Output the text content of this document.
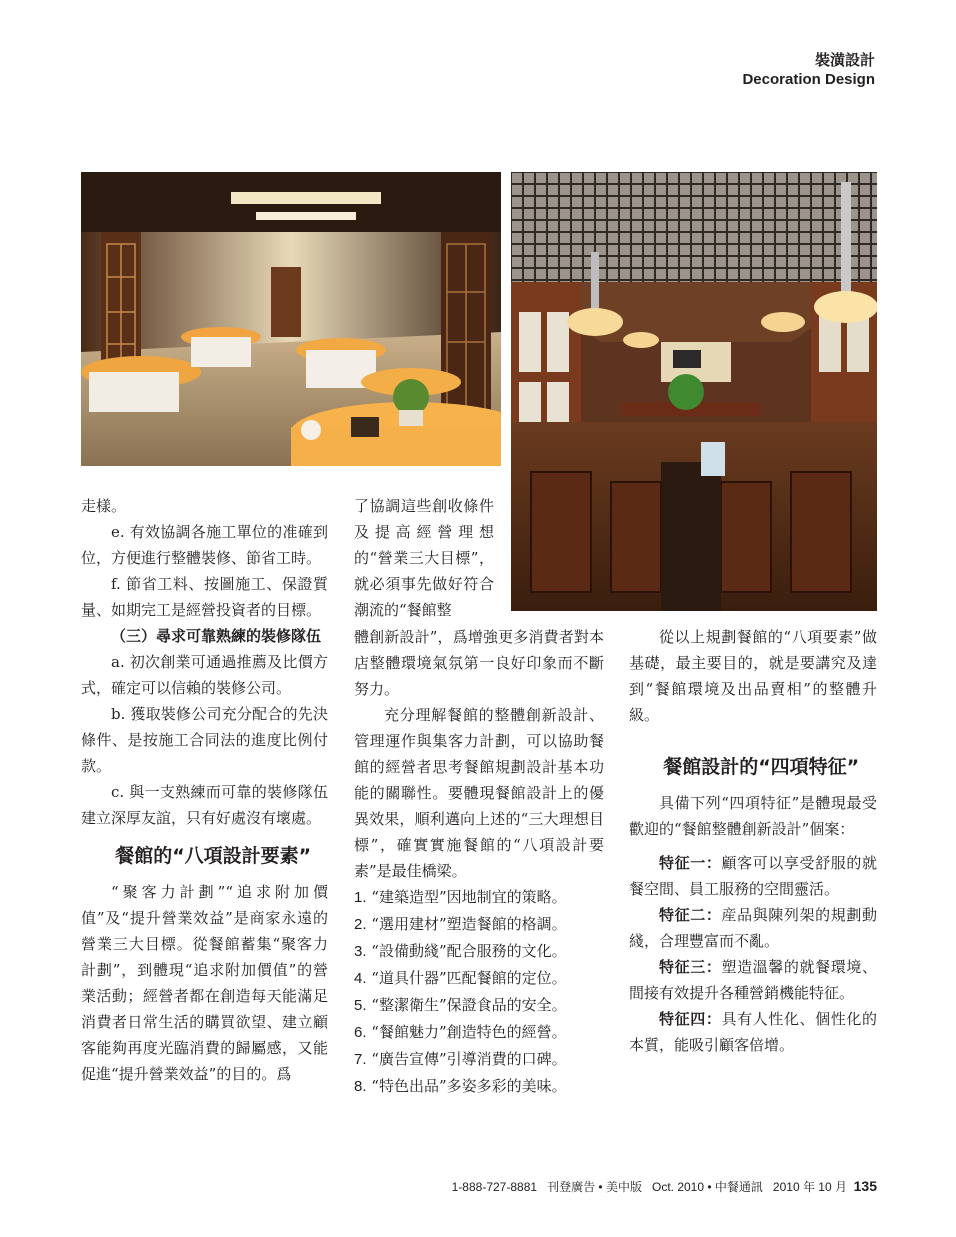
裝潢設計
Decoration Design

走樣。

e. 有效協調各施工單位的准確到位，方便進行整體裝修、節省工時。

f. 節省工料、按圖施工、保證質量、如期完工是經營投資者的目標。

（三）尋求可靠熟練的裝修隊伍

a. 初次創業可通過推薦及比價方式，確定可以信賴的裝修公司。

b. 獲取裝修公司充分配合的先決條件、是按施工合同法的進度比例付款。

c. 與一支熟練而可靠的裝修隊伍建立深厚友誼，只有好處沒有壞處。

餐館的“八項設計要素”

“聚客力計劃”“追求附加價值”及“提升營業效益”是商家永遠的營業三大目標。從餐館蓄集“聚客力計劃”，到體現“追求附加價值”的營業活動；經營者都在創造每天能滿足消費者日常生活的購買欲望、建立顧客能夠再度光臨消費的歸屬感，又能促進“提升營業效益”的目的。爲

了協調這些創收條件及提高經營理想的“營業三大目標”，就必須事先做好符合潮流的“餐館整

體創新設計”，爲增強更多消費者對本店整體環境氣氛第一良好印象而不斷努力。

充分理解餐館的整體創新設計、管理運作與集客力計劃，可以協助餐館的經營者思考餐館規劃設計基本功能的關聯性。要體現餐館設計上的優異效果，順利邁向上述的“三大理想目標”，確實實施餐館的“八項設計要素”是最佳橋梁。

1. “建築造型”因地制宜的策略。
2. “選用建材”塑造餐館的格調。
3. “設備動綫”配合服務的文化。
4. “道具什器”匹配餐館的定位。
5. “整潔衛生”保證食品的安全。
6. “餐館魅力”創造特色的經營。
7. “廣告宣傳”引導消費的口碑。
8. “特色出品”多姿多彩的美味。

從以上規劃餐館的“八項要素”做基礎，最主要目的，就是要講究及達到“餐館環境及出品賣相”的整體升級。

餐館設計的“四項特征”

具備下列“四項特征”是體現最受歡迎的“餐館整體創新設計”個案：

特征一：顧客可以享受舒服的就餐空間、員工服務的空間靈活。

特征二：産品與陳列架的規劃動綫，合理豐富而不亂。

特征三：塑造溫馨的就餐環境、間接有效提升各種營銷機能特征。

特征四：具有人性化、個性化的本質，能吸引顧客倍增。

1-888-727-8881 刊登廣告 • 美中版 Oct. 2010 • 中餐通訊 2010 年 10 月 135
